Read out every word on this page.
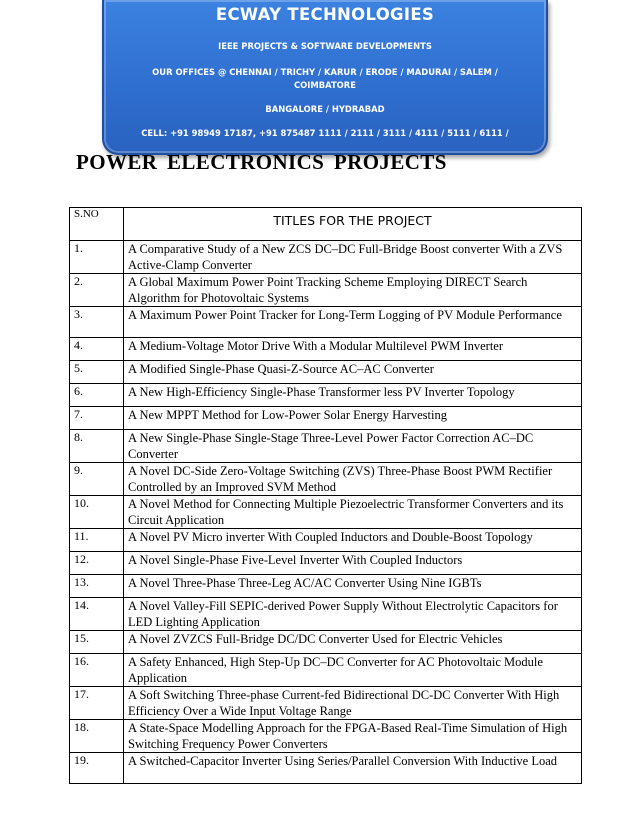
ECWAY TECHNOLOGIES
IEEE PROJECTS & SOFTWARE DEVELOPMENTS
OUR OFFICES @ CHENNAI / TRICHY / KARUR / ERODE / MADURAI / SALEM / COIMBATORE
BANGALORE / HYDRABAD
CELL: +91 98949 17187, +91 875487 1111 / 2111 / 3111 / 4111 / 5111 / 6111 /
POWER ELECTRONICS PROJECTS
S.NO	TITLES FOR THE PROJECT
1.	A Comparative Study of a New ZCS DC–DC Full-Bridge Boost converter With a ZVS Active-Clamp Converter
2.	A Global Maximum Power Point Tracking Scheme Employing DIRECT Search Algorithm for Photovoltaic Systems
3.	A Maximum Power Point Tracker for Long-Term Logging of PV Module Performance
4.	A Medium-Voltage Motor Drive With a Modular Multilevel PWM Inverter
5.	A Modified Single-Phase Quasi-Z-Source AC–AC Converter
6.	A New High-Efficiency Single-Phase Transformer less PV Inverter Topology
7.	A New MPPT Method for Low-Power Solar Energy Harvesting
8.	A New Single-Phase Single-Stage Three-Level Power Factor Correction AC–DC Converter
9.	A Novel DC-Side Zero-Voltage Switching (ZVS) Three-Phase Boost PWM Rectifier Controlled by an Improved SVM Method
10.	A Novel Method for Connecting Multiple Piezoelectric Transformer Converters and its Circuit Application
11.	A Novel PV Micro inverter With Coupled Inductors and Double-Boost Topology
12.	A Novel Single-Phase Five-Level Inverter With Coupled Inductors
13.	A Novel Three-Phase Three-Leg AC/AC Converter Using Nine IGBTs
14.	A Novel Valley-Fill SEPIC-derived Power Supply Without Electrolytic Capacitors for LED Lighting Application
15.	A Novel ZVZCS Full-Bridge DC/DC Converter Used for Electric Vehicles
16.	A Safety Enhanced, High Step-Up DC–DC Converter for AC Photovoltaic Module Application
17.	A Soft Switching Three-phase Current-fed Bidirectional DC-DC Converter With High Efficiency Over a Wide Input Voltage Range
18.	A State-Space Modelling Approach for the FPGA-Based Real-Time Simulation of High Switching Frequency Power Converters
19.	A Switched-Capacitor Inverter Using Series/Parallel Conversion With Inductive Load
